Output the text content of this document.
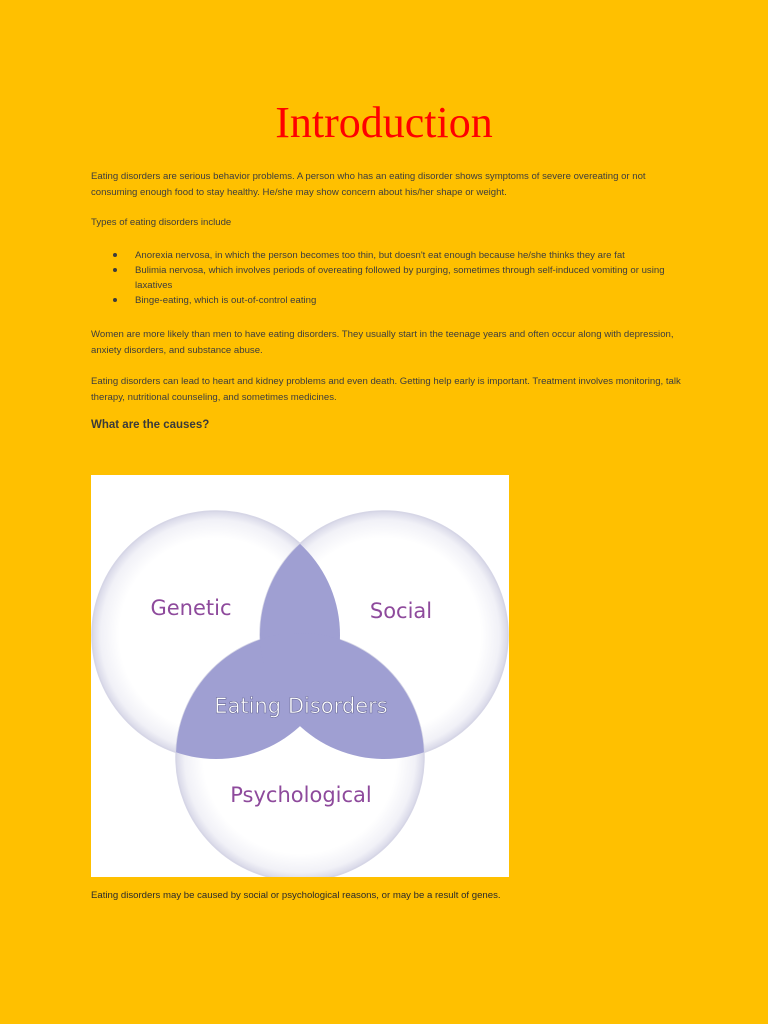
Introduction

Eating disorders are serious behavior problems. A person who has an eating disorder shows symptoms of severe overeating or not consuming enough food to stay healthy. He/she may show concern about his/her shape or weight.

Types of eating disorders include

Anorexia nervosa, in which the person becomes too thin, but doesn't eat enough because he/she thinks they are fat
Bulimia nervosa, which involves periods of overeating followed by purging, sometimes through self-induced vomiting or using laxatives
Binge-eating, which is out-of-control eating

Women are more likely than men to have eating disorders. They usually start in the teenage years and often occur along with depression, anxiety disorders, and substance abuse.

Eating disorders can lead to heart and kidney problems and even death. Getting help early is important. Treatment involves monitoring, talk therapy, nutritional counseling, and sometimes medicines.

What are the causes?
Genetic	Social
Eating Disorders
Psychological

Eating disorders may be caused by social or psychological reasons, or may be a result of genes.
